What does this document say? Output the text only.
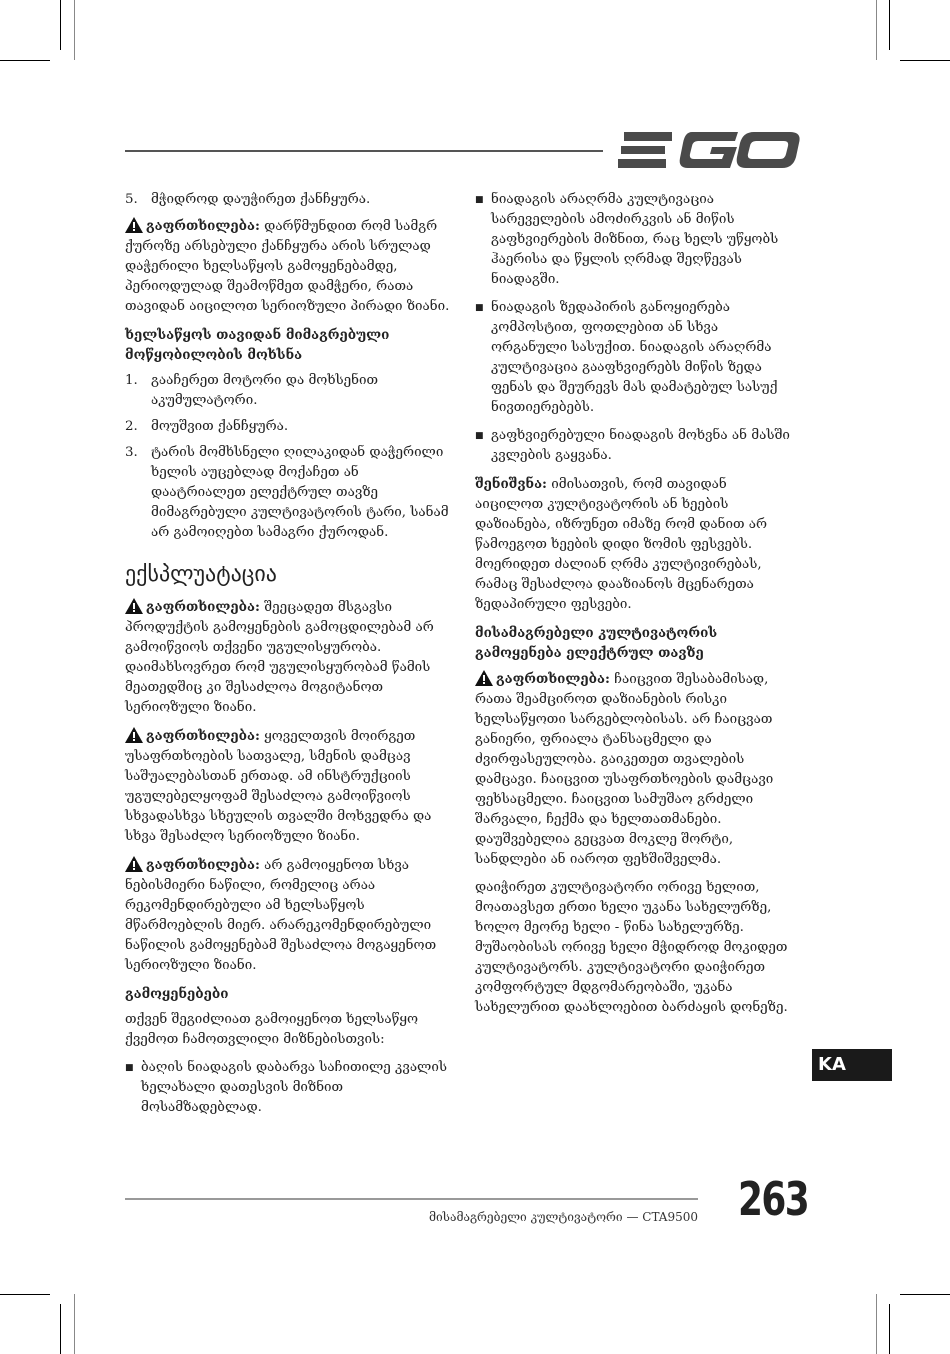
5. მჭიდროდ დაუჭირეთ ქანჩყურა.

გაფრთხილება: დარწმუნდით რომ სამგრ ქუროზე არსებული ქანჩყურა არის სრულად დაჭერილი ხელსაწყოს გამოყენებამდე, პერიოდულად შეამოწმეთ დამჭერი, რათა თავიდან აიცილოთ სერიოზული პირადი ზიანი.

ხელსაწყოს თავიდან მიმაგრებული მოწყობილობის მოხსნა
1. გააჩერეთ მოტორი და მოხსენით აკუმულატორი.
2. მოუშვით ქანჩყურა.
3. ტარის მომხსნელი ღილაკიდან დაჭერილი ხელის აუცებლად მოქაჩეთ ან დაატრიალეთ ელექტრულ თავზე მიმაგრებული კულტივატორის ტარი, სანამ არ გამოიღებთ სამაგრი ქუროდან.
ექსპლუატაცია

გაფრთხილება: შეეცადეთ მსგავსი პროდუქტის გამოყენების გამოცდილებამ არ გამოიწვიოს თქვენი უგულისყურობა. დაიმახსოვრეთ რომ უგულისყურობამ წამის მეათედშიც კი შესაძლოა მოგიტანოთ სერიოზული ზიანი.

გაფრთხილება: ყოველთვის მოირგეთ უსაფრთხოების სათვალე, სმენის დამცავ საშუალებასთან ერთად. ამ ინსტრუქციის უგულებელყოფამ შესაძლოა გამოიწვიოს სხვადასხვა სხეულის თვალში მოხვედრა და სხვა შესაძლო სერიოზული ზიანი.

გაფრთხილება: არ გამოიყენოთ სხვა ნებისმიერი ნაწილი, რომელიც არაა რეკომენდირებული ამ ხელსაწყოს მწარმოებლის მიერ. არარეკომენდირებული ნაწილის გამოყენებამ შესაძლოა მოგაყენოთ სერიოზული ზიანი.

გამოყენებები

თქვენ შეგიძლიათ გამოიყენოთ ხელსაწყო ქვემოთ ჩამოთვლილი მიზნებისთვის:

■ ბაღის ნიადაგის დაბარვა საჩითილე კვალის ხელახალი დათესვის მიზნით მოსამზადებლად.
■ ნიადაგის არაღრმა კულტივაცია სარეველების ამოძირკვის ან მიწის გაფხვიერების მიზნით, რაც ხელს უწყობს ჰაერისა და წყლის ღრმად შეღწევას ნიადაგში.
■ ნიადაგის ზედაპირის განოყიერება კომპოსტით, ფოთლებით ან სხვა ორგანული სასუქით. ნიადაგის არაღრმა კულტივაცია გააფხვიერებს მიწის ზედა ფენას და შეურევს მას დამატებულ სასუქ ნივთიერებებს.
■ გაფხვიერებული ნიადაგის მოხვნა ან მასში კვლების გაყვანა.

შენიშვნა: იმისათვის, რომ თავიდან აიცილოთ კულტივატორის ან ხეების დაზიანება, იზრუნეთ იმაზე რომ დანით არ წამოეგოთ ხეების დიდი ზომის ფესვებს. მოერიდეთ ძალიან ღრმა კულტივირებას, რამაც შესაძლოა დააზიანოს მცენარეთა ზედაპირული ფესვები.

მისამაგრებელი კულტივატორის გამოყენება ელექტრულ თავზე

გაფრთხილება: ჩაიცვით შესაბამისად, რათა შეამციროთ დაზიანების რისკი ხელსაწყოთი სარგებლობისას. არ ჩაიცვათ განიერი, ფრიალა ტანსაცმელი და ძვირფასეულობა. გაიკეთეთ თვალების დამცავი. ჩაიცვით უსაფრთხოების დამცავი ფეხსაცმელი. ჩაიცვით სამუშაო გრძელი შარვალი, ჩექმა და ხელთათმანები. დაუშვებელია გეცვათ მოკლე შორტი, სანდლები ან იაროთ ფეხშიშველმა.

დაიჭირეთ კულტივატორი ორივე ხელით, მოათავსეთ ერთი ხელი უკანა სახელურზე, ხოლო მეორე ხელი - წინა სახელურზე. მუშაობისას ორივე ხელი მჭიდროდ მოკიდეთ კულტივატორს. კულტივატორი დაიჭირეთ კომფორტულ მდგომარეობაში, უკანა სახელურით დაახლოებით ბარძაყის დონეზე.

KA
მისამაგრებელი კულტივატორი — CTA9500 263
